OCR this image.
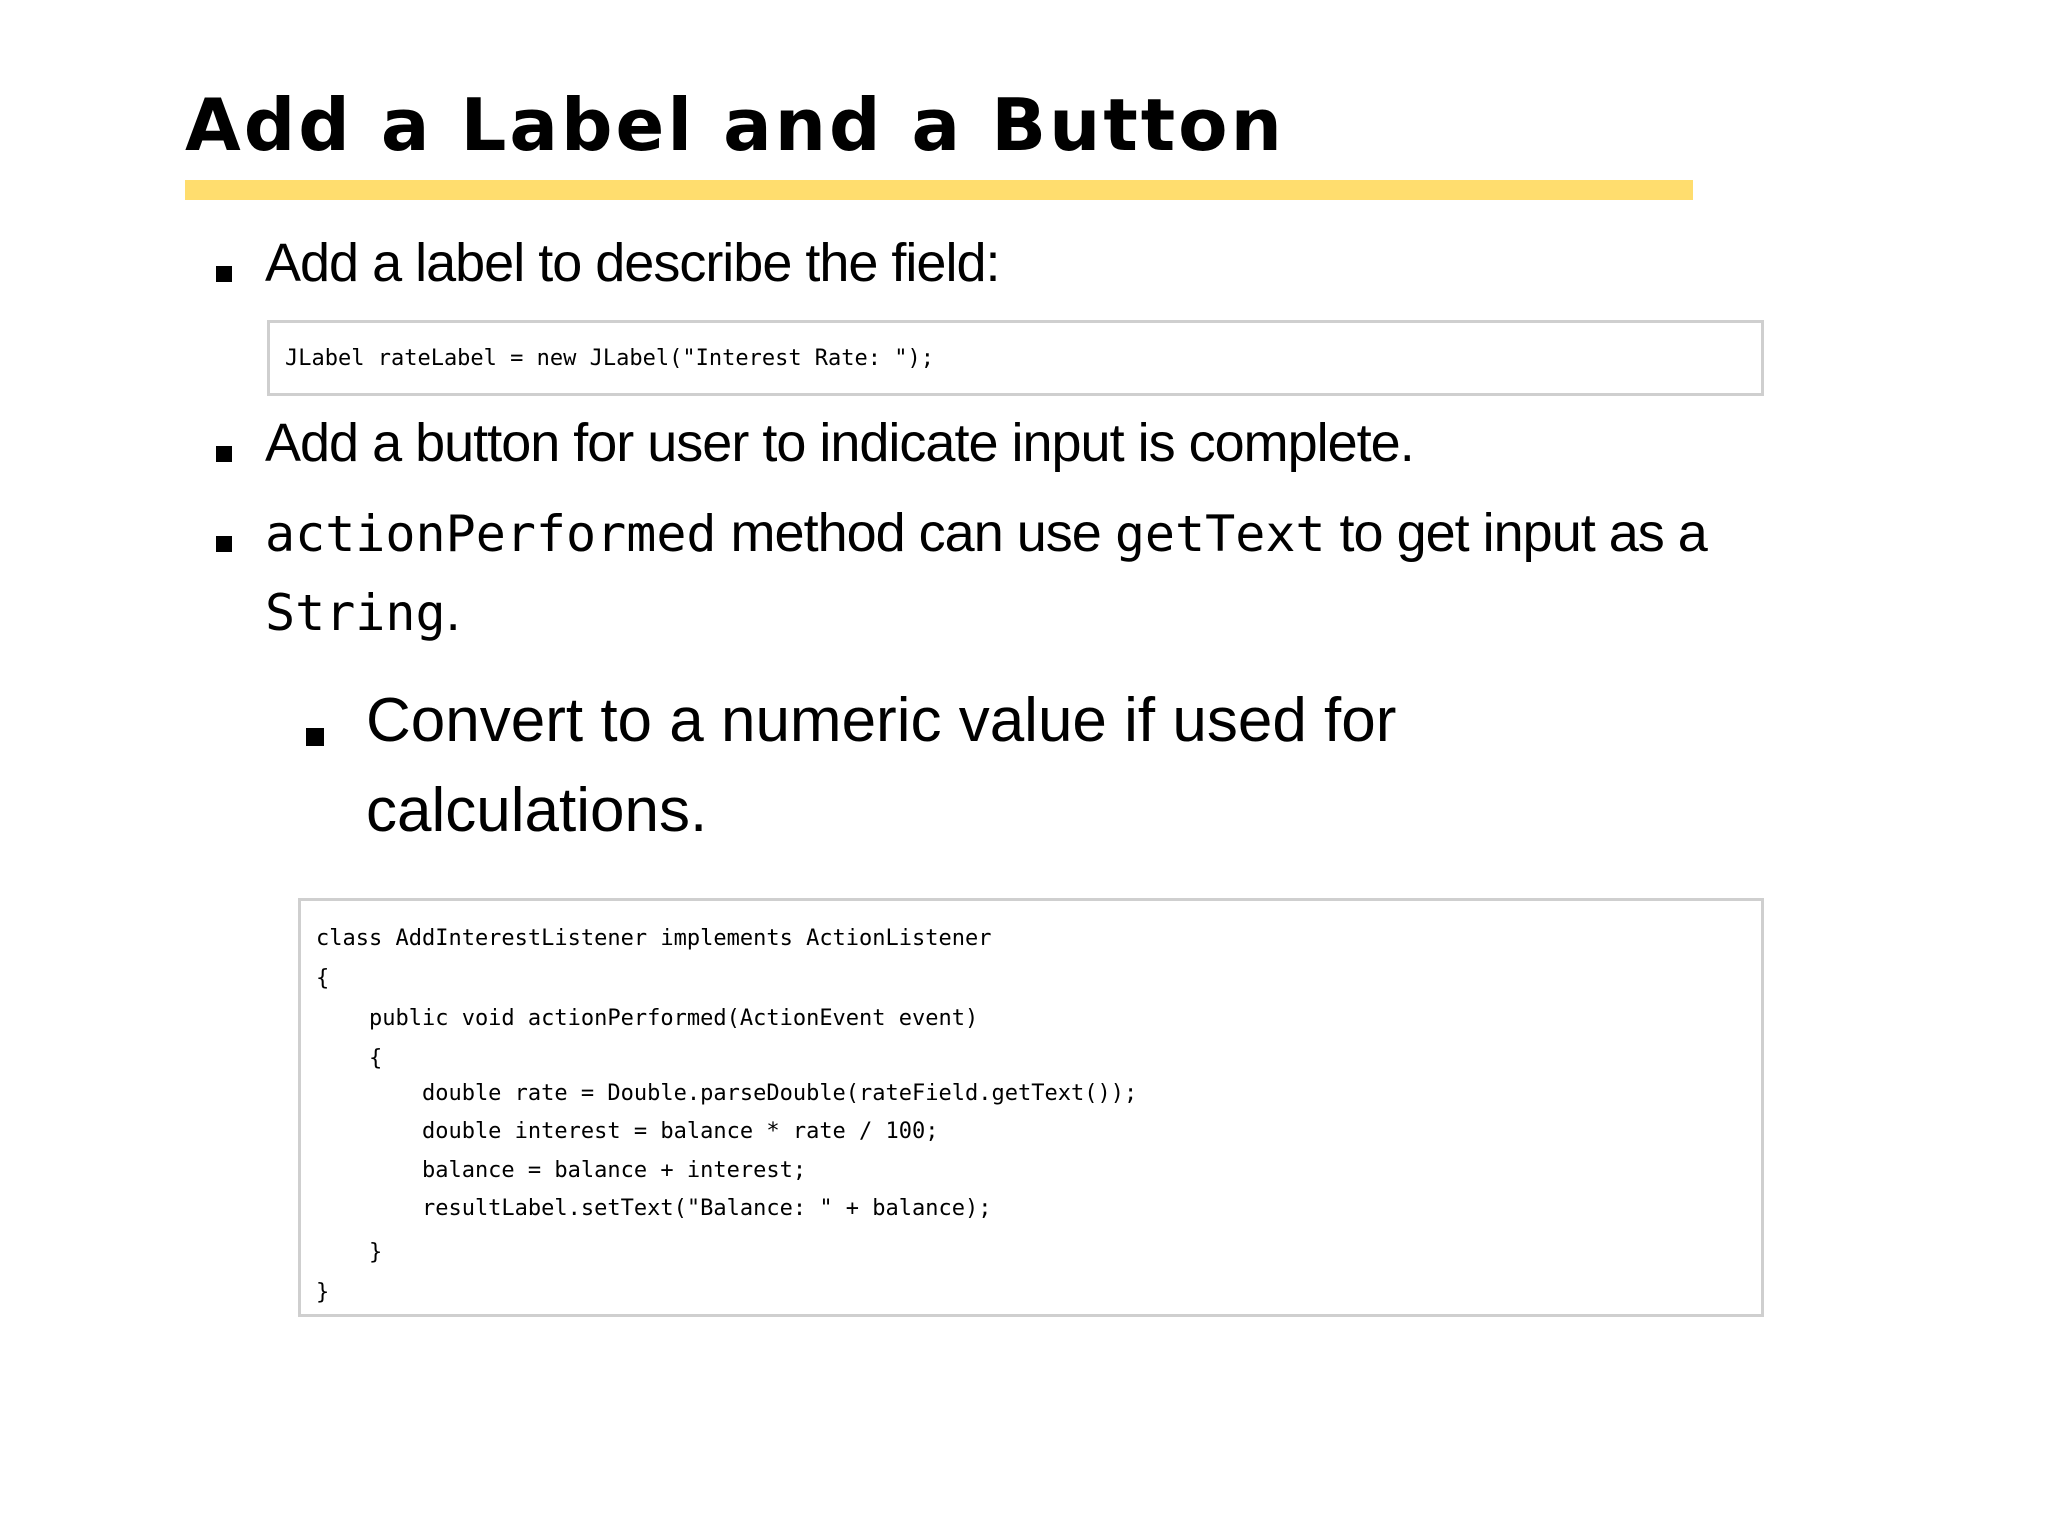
Add a Label and a Button
Add a label to describe the field:
JLabel rateLabel = new JLabel("Interest Rate: ");
Add a button for user to indicate input is complete.
actionPerformed method can use getText to get input as a
String.
Convert to a numeric value if used for
calculations.
class AddInterestListener implements ActionListener
{
public void actionPerformed(ActionEvent event)
{
double rate = Double.parseDouble(rateField.getText());
double interest = balance * rate / 100;
balance = balance + interest;
resultLabel.setText("Balance: " + balance);
}
}
